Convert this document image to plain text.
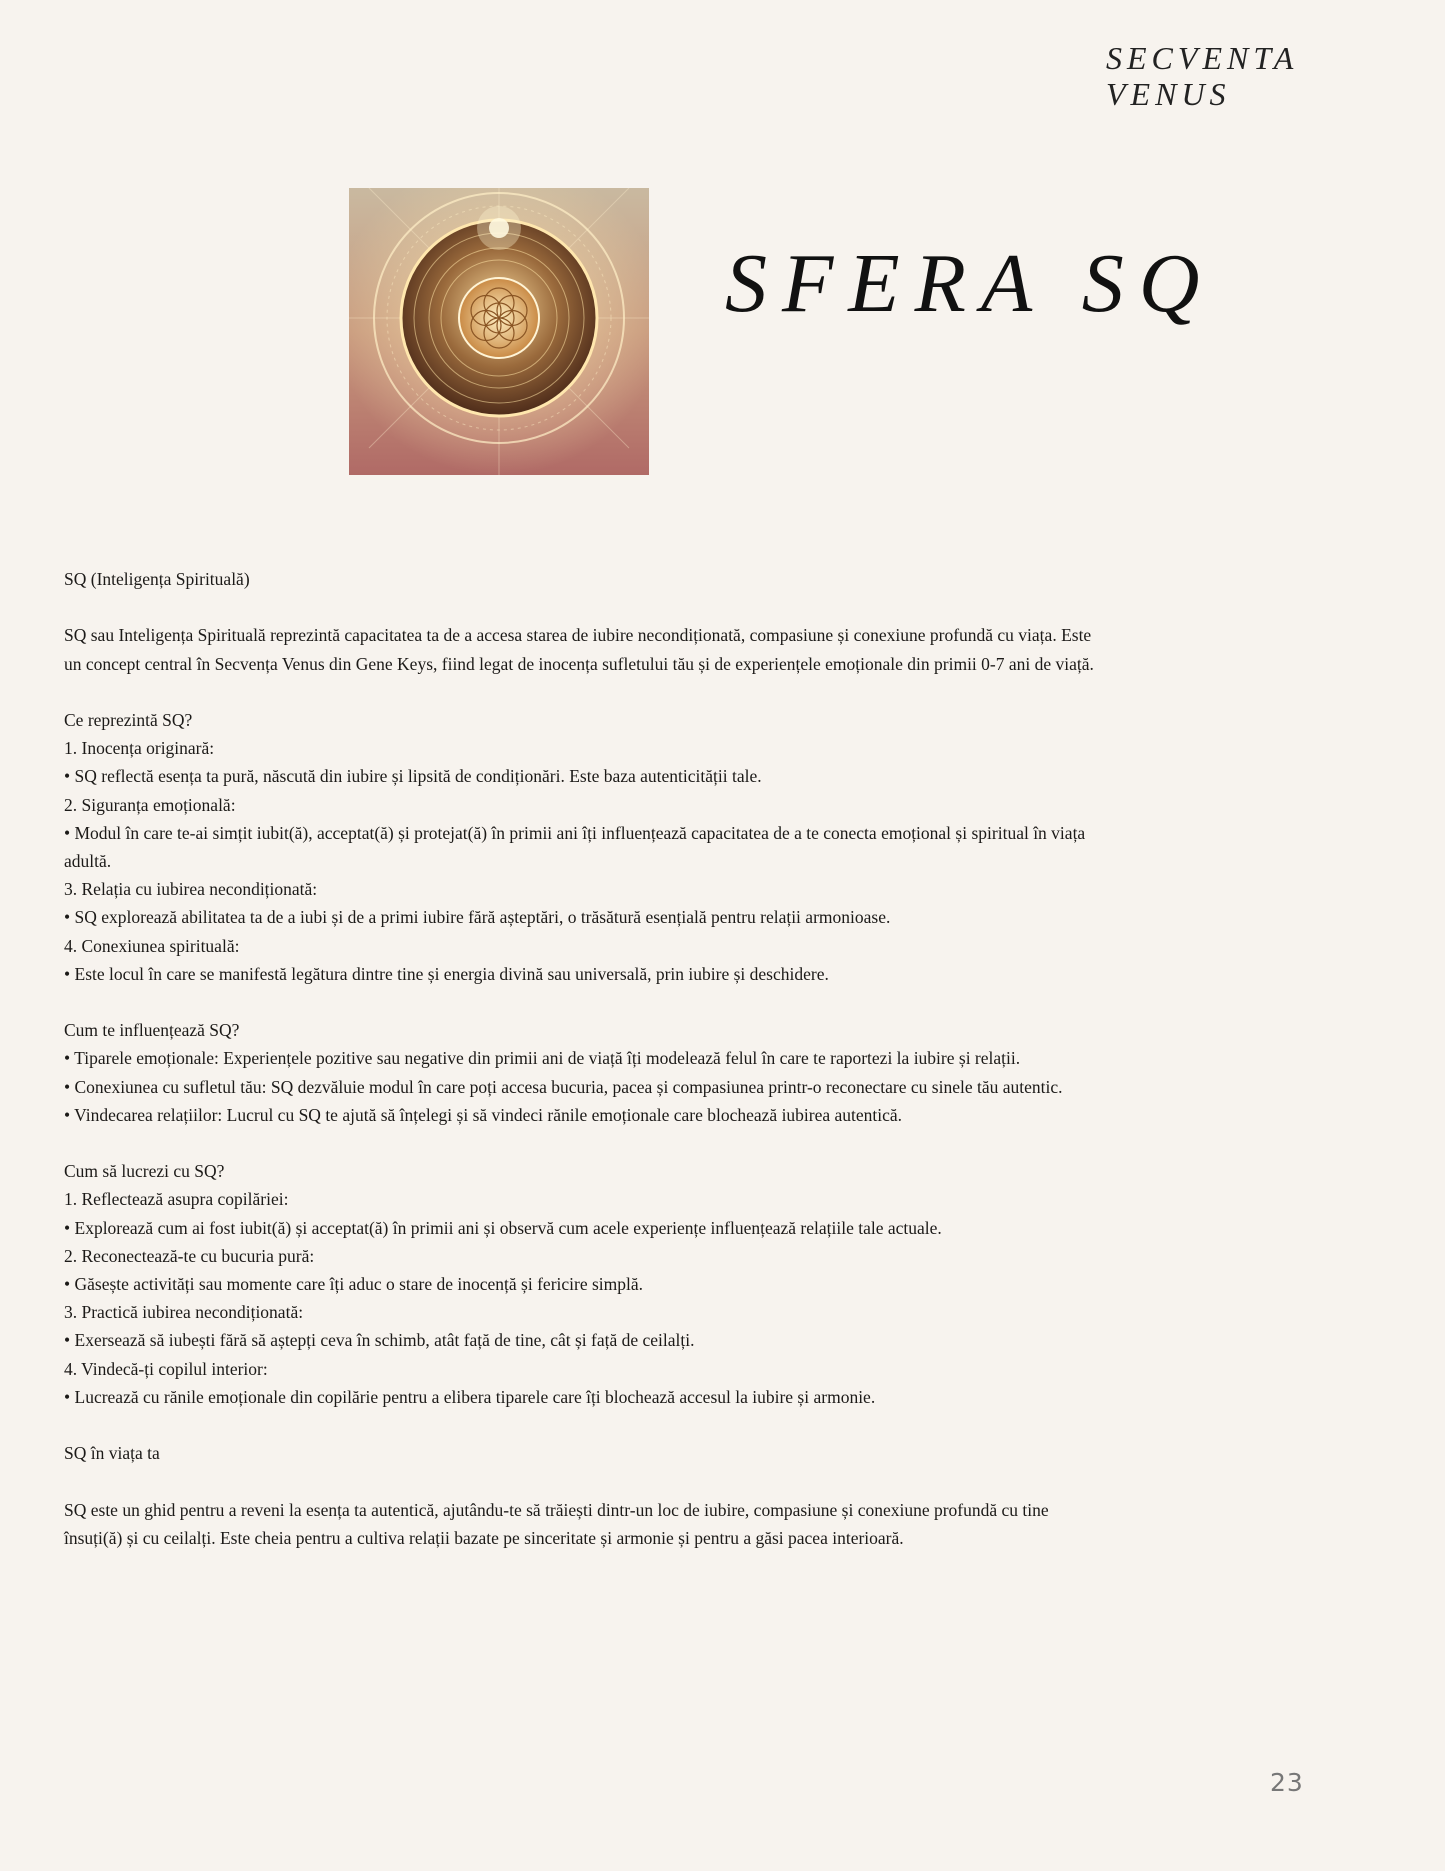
SECVENTA
VENUS
SFERA SQ

SQ (Inteligența Spirituală)

SQ sau Inteligența Spirituală reprezintă capacitatea ta de a accesa starea de iubire necondiționată, compasiune și conexiune profundă cu viața. Este

un concept central în Secvența Venus din Gene Keys, fiind legat de inocența sufletului tău și de experiențele emoționale din primii 0-7 ani de viață.

Ce reprezintă SQ?

1. Inocența originară:

• SQ reflectă esența ta pură, născută din iubire și lipsită de condiționări. Este baza autenticității tale.

2. Siguranța emoțională:

• Modul în care te-ai simțit iubit(ă), acceptat(ă) și protejat(ă) în primii ani îți influențează capacitatea de a te conecta emoțional și spiritual în viața

adultă.

3. Relația cu iubirea necondiționată:

• SQ explorează abilitatea ta de a iubi și de a primi iubire fără așteptări, o trăsătură esențială pentru relații armonioase.

4. Conexiunea spirituală:

• Este locul în care se manifestă legătura dintre tine și energia divină sau universală, prin iubire și deschidere.

Cum te influențează SQ?

• Tiparele emoționale: Experiențele pozitive sau negative din primii ani de viață îți modelează felul în care te raportezi la iubire și relații.

• Conexiunea cu sufletul tău: SQ dezvăluie modul în care poți accesa bucuria, pacea și compasiunea printr-o reconectare cu sinele tău autentic.

• Vindecarea relațiilor: Lucrul cu SQ te ajută să înțelegi și să vindeci rănile emoționale care blochează iubirea autentică.

Cum să lucrezi cu SQ?

1. Reflectează asupra copilăriei:

• Explorează cum ai fost iubit(ă) și acceptat(ă) în primii ani și observă cum acele experiențe influențează relațiile tale actuale.

2. Reconectează-te cu bucuria pură:

• Găsește activități sau momente care îți aduc o stare de inocență și fericire simplă.

3. Practică iubirea necondiționată:

• Exersează să iubești fără să aștepți ceva în schimb, atât față de tine, cât și față de ceilalți.

4. Vindecă-ți copilul interior:

• Lucrează cu rănile emoționale din copilărie pentru a elibera tiparele care îți blochează accesul la iubire și armonie.

SQ în viața ta

SQ este un ghid pentru a reveni la esența ta autentică, ajutându-te să trăiești dintr-un loc de iubire, compasiune și conexiune profundă cu tine

însuți(ă) și cu ceilalți. Este cheia pentru a cultiva relații bazate pe sinceritate și armonie și pentru a găsi pacea interioară.

23
